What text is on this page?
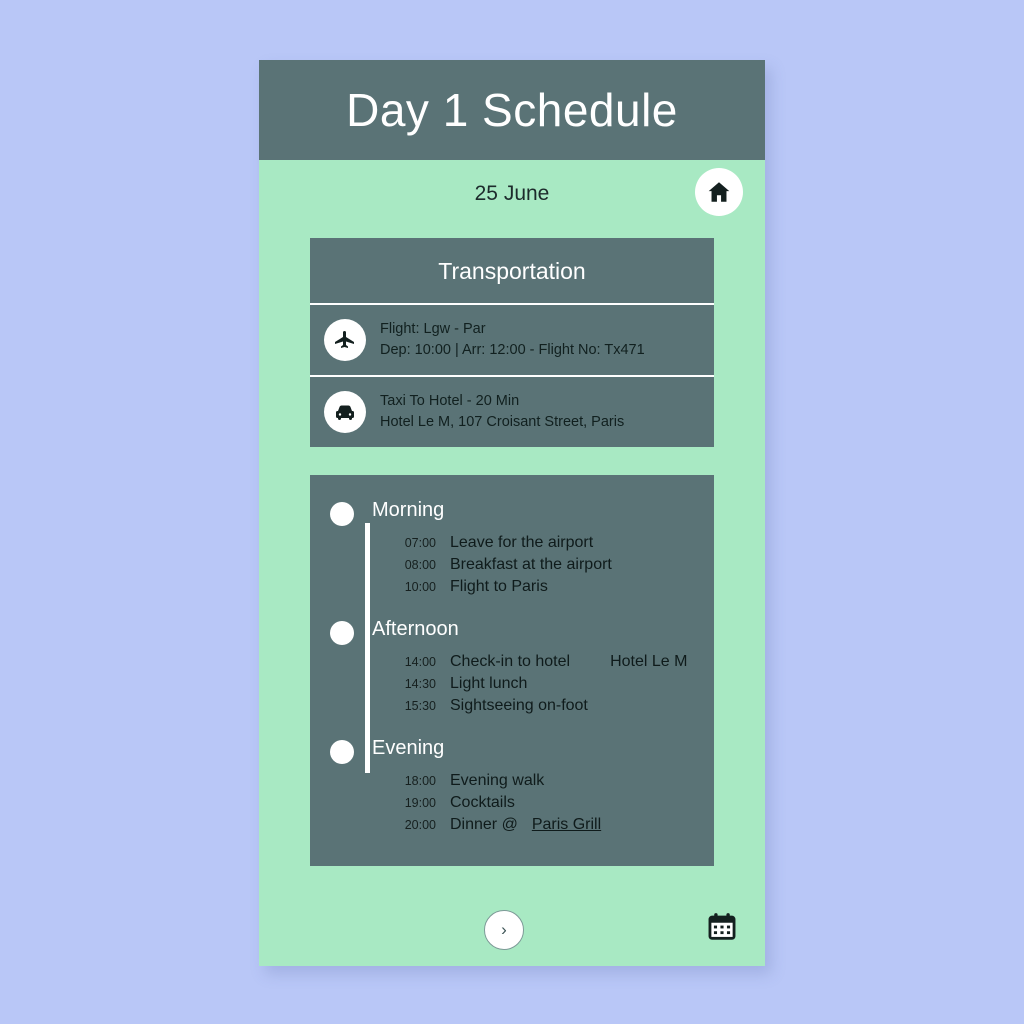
Day 1 Schedule
25 June
Transportation
Flight: Lgw - Par
Dep: 10:00 | Arr: 12:00 - Flight No: Tx471
Taxi To Hotel - 20 Min
Hotel Le M, 107 Croisant Street, Paris
Morning
07:00 Leave for the airport
08:00 Breakfast at the airport
10:00 Flight to Paris
Afternoon
14:00 Check-in to hotel	Hotel Le M
14:30 Light lunch
15:30 Sightseeing on-foot
Evening
18:00 Evening walk
19:00 Cocktails
20:00 Dinner @ Paris Grill
›
